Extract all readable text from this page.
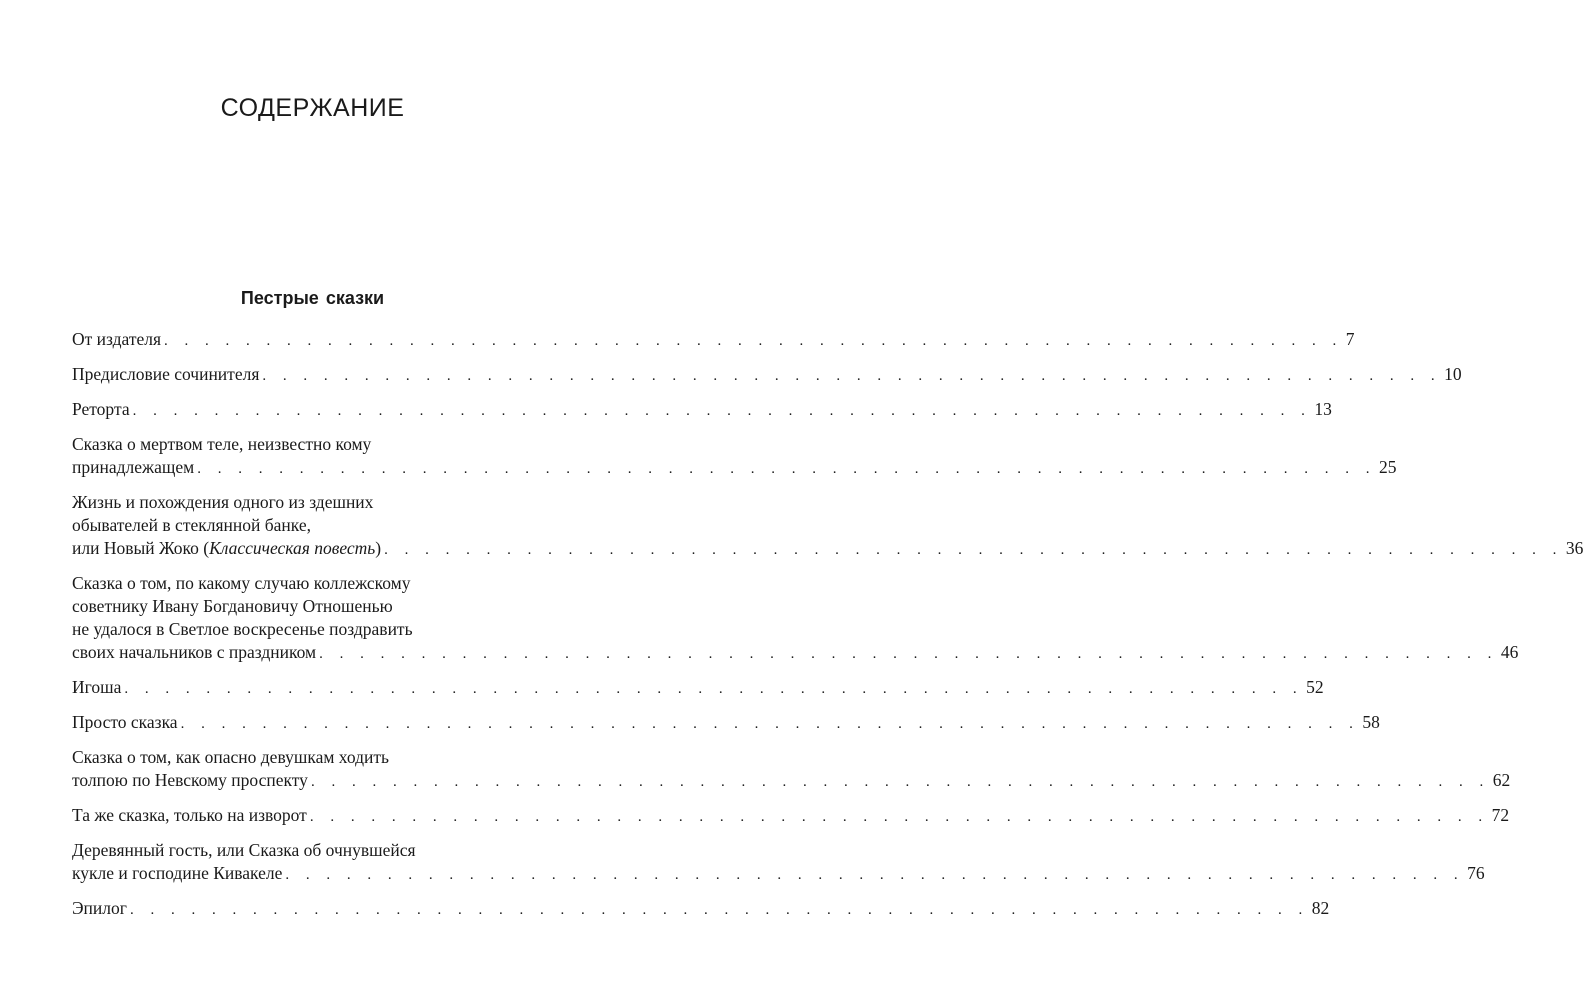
СОДЕРЖАНИЕ
Пестрые сказки
От издателя . . . . . . . . . . . . . . . . . . . . . . . . . . . . . . . . . . . . . . . . . . . . . . . . . . . . . . . . . . 7
Предисловие сочинителя . . . . . . . . . . . . . . . . . . . . . . . . . . . . . . . . . . . . . . . . . . . . . . . . . . . . . . . . . . 10
Реторта . . . . . . . . . . . . . . . . . . . . . . . . . . . . . . . . . . . . . . . . . . . . . . . . . . . . . . . . . . 13
Сказка о мертвом теле, неизвестно кому
принадлежащем . . . . . . . . . . . . . . . . . . . . . . . . . . . . . . . . . . . . . . . . . . . . . . . . . . . . . . . . . . 25
Жизнь и похождения одного из здешних
обывателей в стеклянной банке,
или Новый Жоко (Классическая повесть) . . . . . . . . . . . . . . . . . . . . . . . . . . . . . . . . . . . . . . . . . . . . . . . . . . . . . . . . . . 36
Сказка о том, по какому случаю коллежскому
советнику Ивану Богдановичу Отношенью
не удалося в Светлое воскресенье поздравить
своих начальников с праздником . . . . . . . . . . . . . . . . . . . . . . . . . . . . . . . . . . . . . . . . . . . . . . . . . . . . . . . . . . 46
Игоша . . . . . . . . . . . . . . . . . . . . . . . . . . . . . . . . . . . . . . . . . . . . . . . . . . . . . . . . . . 52
Просто сказка . . . . . . . . . . . . . . . . . . . . . . . . . . . . . . . . . . . . . . . . . . . . . . . . . . . . . . . . . . 58
Сказка о том, как опасно девушкам ходить
толпою по Невскому проспекту . . . . . . . . . . . . . . . . . . . . . . . . . . . . . . . . . . . . . . . . . . . . . . . . . . . . . . . . . . 62
Та же сказка, только на изворот . . . . . . . . . . . . . . . . . . . . . . . . . . . . . . . . . . . . . . . . . . . . . . . . . . . . . . . . . . 72
Деревянный гость, или Сказка об очнувшейся
кукле и господине Кивакеле . . . . . . . . . . . . . . . . . . . . . . . . . . . . . . . . . . . . . . . . . . . . . . . . . . . . . . . . . . 76
Эпилог . . . . . . . . . . . . . . . . . . . . . . . . . . . . . . . . . . . . . . . . . . . . . . . . . . . . . . . . . . 82
